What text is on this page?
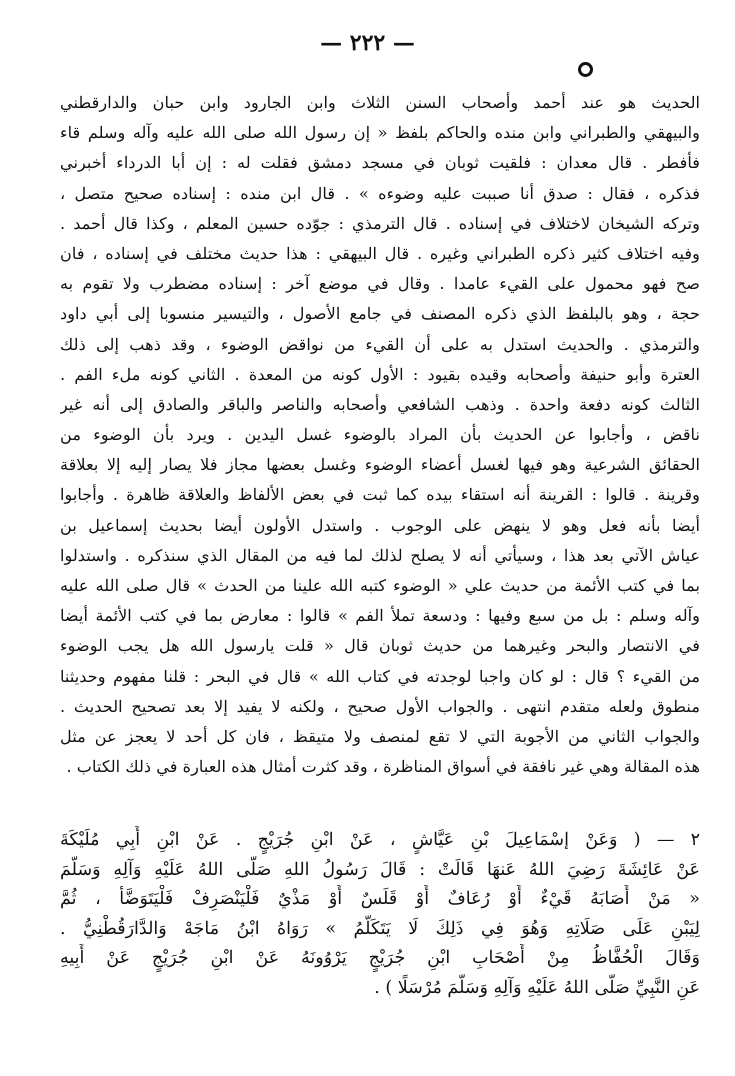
— ٢٢٢ —
الحديث هو عند أحمد وأصحاب السنن الثلاث وابن الجارود وابن حبان والدارقطني
والبيهقي والطبراني وابن منده والحاكم بلفظ « إن رسول الله صلى الله عليه وآله وسلم قاء
فأفطر . قال معدان : فلقيت ثوبان في مسجد دمشق فقلت له : إن أبا الدرداء أخبرني
فذكره ، فقال : صدق أنا صببت عليه وضوءه » . قال ابن منده : إسناده صحيح متصل ،
وتركه الشيخان لاختلاف في إسناده . قال الترمذي : جوّده حسين المعلم ، وكذا قال أحمد .
وفيه اختلاف كثير ذكره الطبراني وغيره . قال البيهقي : هذا حديث مختلف في إسناده ، فان
صح فهو محمول على القيء عامدا . وقال في موضع آخر : إسناده مضطرب ولا تقوم به
حجة ، وهو بالبلفظ الذي ذكره المصنف في جامع الأصول ، والتيسير منسوبا إلى أبي داود
والترمذي . والحديث استدل به على أن القيء من نواقض الوضوء ، وقد ذهب إلى ذلك
العترة وأبو حنيفة وأصحابه وقيده بقيود : الأول كونه من المعدة . الثاني كونه ملء الفم .
الثالث كونه دفعة واحدة . وذهب الشافعي وأصحابه والناصر والباقر والصادق إلى أنه غير
ناقض ، وأجابوا عن الحديث بأن المراد بالوضوء غسل اليدين . ويرد بأن الوضوء من
الحقائق الشرعية وهو فيها لغسل أعضاء الوضوء وغسل بعضها مجاز فلا يصار إليه إلا بعلاقة
وقرينة . قالوا : القرينة أنه استقاء بيده كما ثبت في بعض الألفاظ والعلاقة ظاهرة . وأجابوا
أيضا بأنه فعل وهو لا ينهض على الوجوب . واستدل الأولون أيضا بحديث إسماعيل بن
عياش الآتي بعد هذا ، وسيأتي أنه لا يصلح لذلك لما فيه من المقال الذي سنذكره . واستدلوا
بما في كتب الأئمة من حديث علي « الوضوء كتبه الله علينا من الحدث » قال صلى الله عليه
وآله وسلم : بل من سبع وفيها : ودسعة تملأ الفم » قالوا : معارض بما في كتب الأئمة أيضا
في الانتصار والبحر وغيرهما من حديث ثوبان قال « قلت يارسول الله هل يجب الوضوء
من القيء ؟ قال : لو كان واجبا لوجدته في كتاب الله » قال في البحر : قلنا مفهوم وحديثنا
منطوق ولعله متقدم انتهى . والجواب الأول صحيح ، ولكنه لا يفيد إلا بعد تصحيح الحديث .
والجواب الثاني من الأجوبة التي لا تقع لمنصف ولا متيقظ ، فان كل أحد لا يعجز عن مثل
هذه المقالة وهي غير نافقة في أسواق المناظرة ، وقد كثرت أمثال هذه العبارة في ذلك الكتاب .
٢ — ( وَعَنْ إسْمَاعِيلَ بْنِ عَيَّاشٍ ، عَنْ ابْنِ جُرَيْجٍ . عَنْ ابْنِ أَبِي مُلَيْكَةَ
عَنْ عَائِشَةَ رَضِيَ اللهُ عَنهَا قَالَتْ : قَالَ رَسُولُ اللهِ صَلَّى اللهُ عَلَيْهِ وَآلِهِ وَسَلَّمَ
« مَنْ أَصَابَهُ قَيْءٌ أَوْ رُعَافٌ أَوْ قَلَسٌ أَوْ مَذْيٌ فَلْيَنْصَرِفْ فَلْيَتَوَضَّأْ ، ثُمَّ
لِيَبْنِ عَلَى صَلَاتِهِ وَهُوَ فِي ذَلِكَ لَا يَتَكَلَّمُ » رَوَاهُ ابْنُ مَاجَهْ وَالدَّارَقُطْنِيُّ .
وَقَالَ الْحُفَّاظُ مِنْ أَصْحَابِ ابْنِ جُرَيْجٍ يَرْوُونَهُ عَنْ ابْنِ جُرَيْجٍ عَنْ أَبِيهِ
عَنِ النَّبِيِّ صَلَّى اللهُ عَلَيْهِ وَآلِهِ وَسَلَّمَ مُرْسَلًا ) .
